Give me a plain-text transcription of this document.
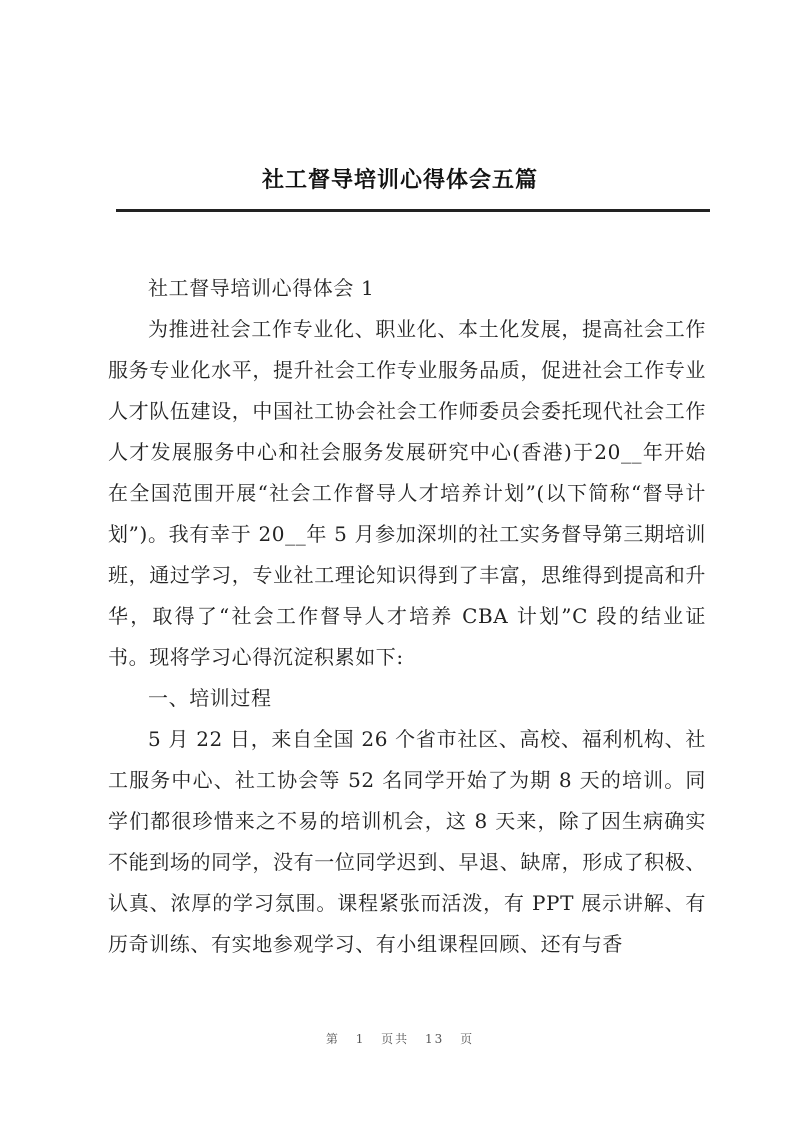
社工督导培训心得体会五篇

社工督导培训心得体会 1

为推进社会工作专业化、职业化、本土化发展，提高社会工作服务专业化水平，提升社会工作专业服务品质，促进社会工作专业人才队伍建设，中国社工协会社会工作师委员会委托现代社会工作人才发展服务中心和社会服务发展研究中心(香港)于20__年开始在全国范围开展“社会工作督导人才培养计划”(以下简称“督导计划”)。我有幸于 20__年 5 月参加深圳的社工实务督导第三期培训班，通过学习，专业社工理论知识得到了丰富，思维得到提高和升华，取得了“社会工作督导人才培养 CBA 计划”C 段的结业证书。现将学习心得沉淀积累如下:

一、培训过程

5 月 22 日，来自全国 26 个省市社区、高校、福利机构、社工服务中心、社工协会等 52 名同学开始了为期 8 天的培训。同学们都很珍惜来之不易的培训机会，这 8 天来，除了因生病确实不能到场的同学，没有一位同学迟到、早退、缺席，形成了积极、认真、浓厚的学习氛围。课程紧张而活泼，有 PPT 展示讲解、有历奇训练、有实地参观学习、有小组课程回顾、还有与香

第 1 页共 13 页
